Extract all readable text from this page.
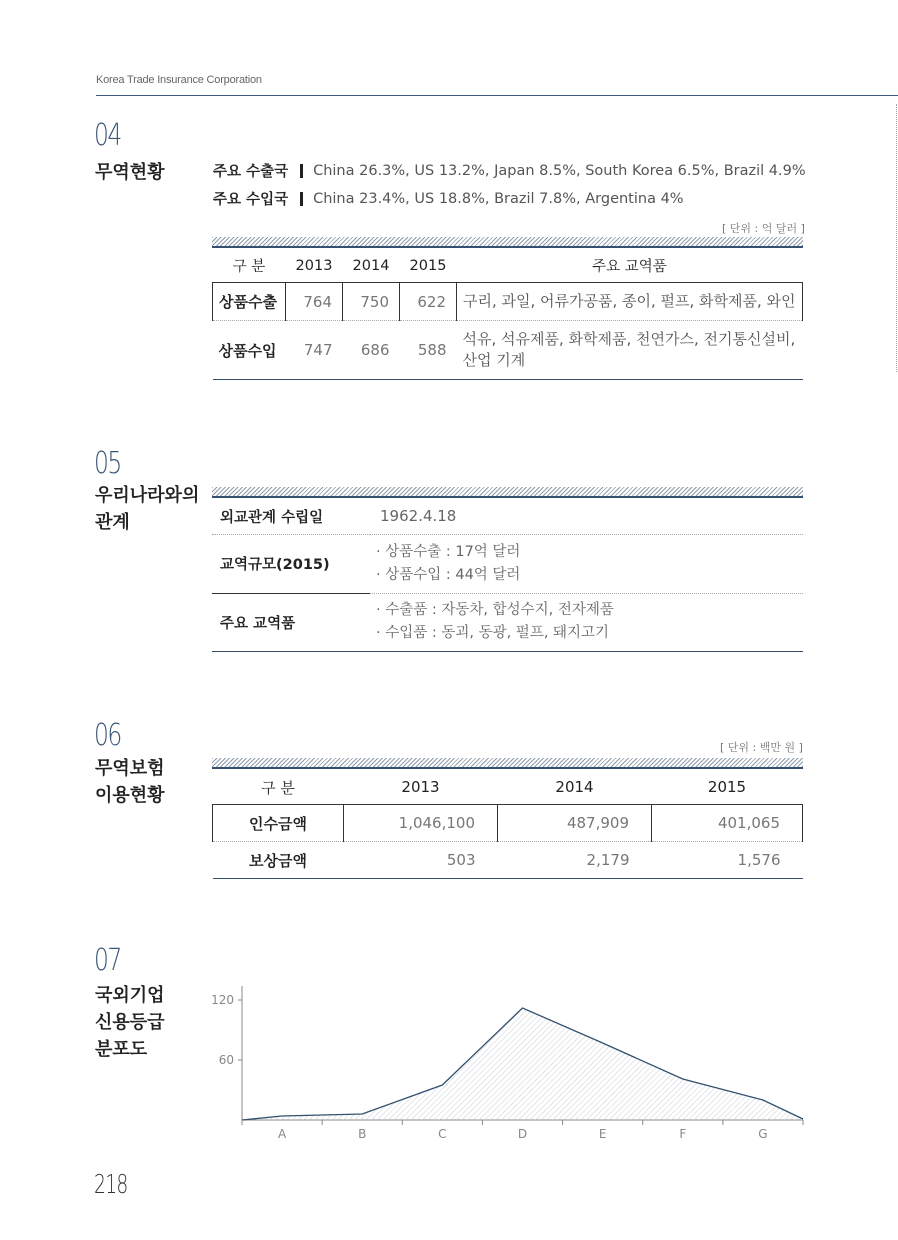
Korea Trade Insurance Corporation
04
무역현황	주요 수출국 China 26.3%, US 13.2%, Japan 8.5%, South Korea 6.5%, Brazil 4.9%
주요 수입국 China 23.4%, US 18.8%, Brazil 7.8%, Argentina 4%
[ 단위 : 억 달러 ]
구 분	2013	2014	2015	주요 교역품
상품수출	764	750	622	구리, 과일, 어류가공품, 종이, 펄프, 화학제품, 와인
상품수입	747	686	588	석유, 석유제품, 화학제품, 천연가스, 전기통신설비, 산업 기계
05
우리나라와의
관계	외교관계 수립일	1962.4.18
교역규모(2015)	· 상품수출 : 17억 달러
· 상품수입 : 44억 달러

주요 교역품	· 수출품 : 자동차, 합성수지, 전자제품
· 수입품 : 동괴, 동광, 펄프, 돼지고기
06
무역보험
이용현황
[ 단위 : 백만 원 ]
구 분	2013	2014	2015
인수금액	1,046,100	487,909	401,065
보상금액	503	2,179	1,576
07
국외기업
신용등급
분포도	60
120
A	B	C	D	E	F	G
218
